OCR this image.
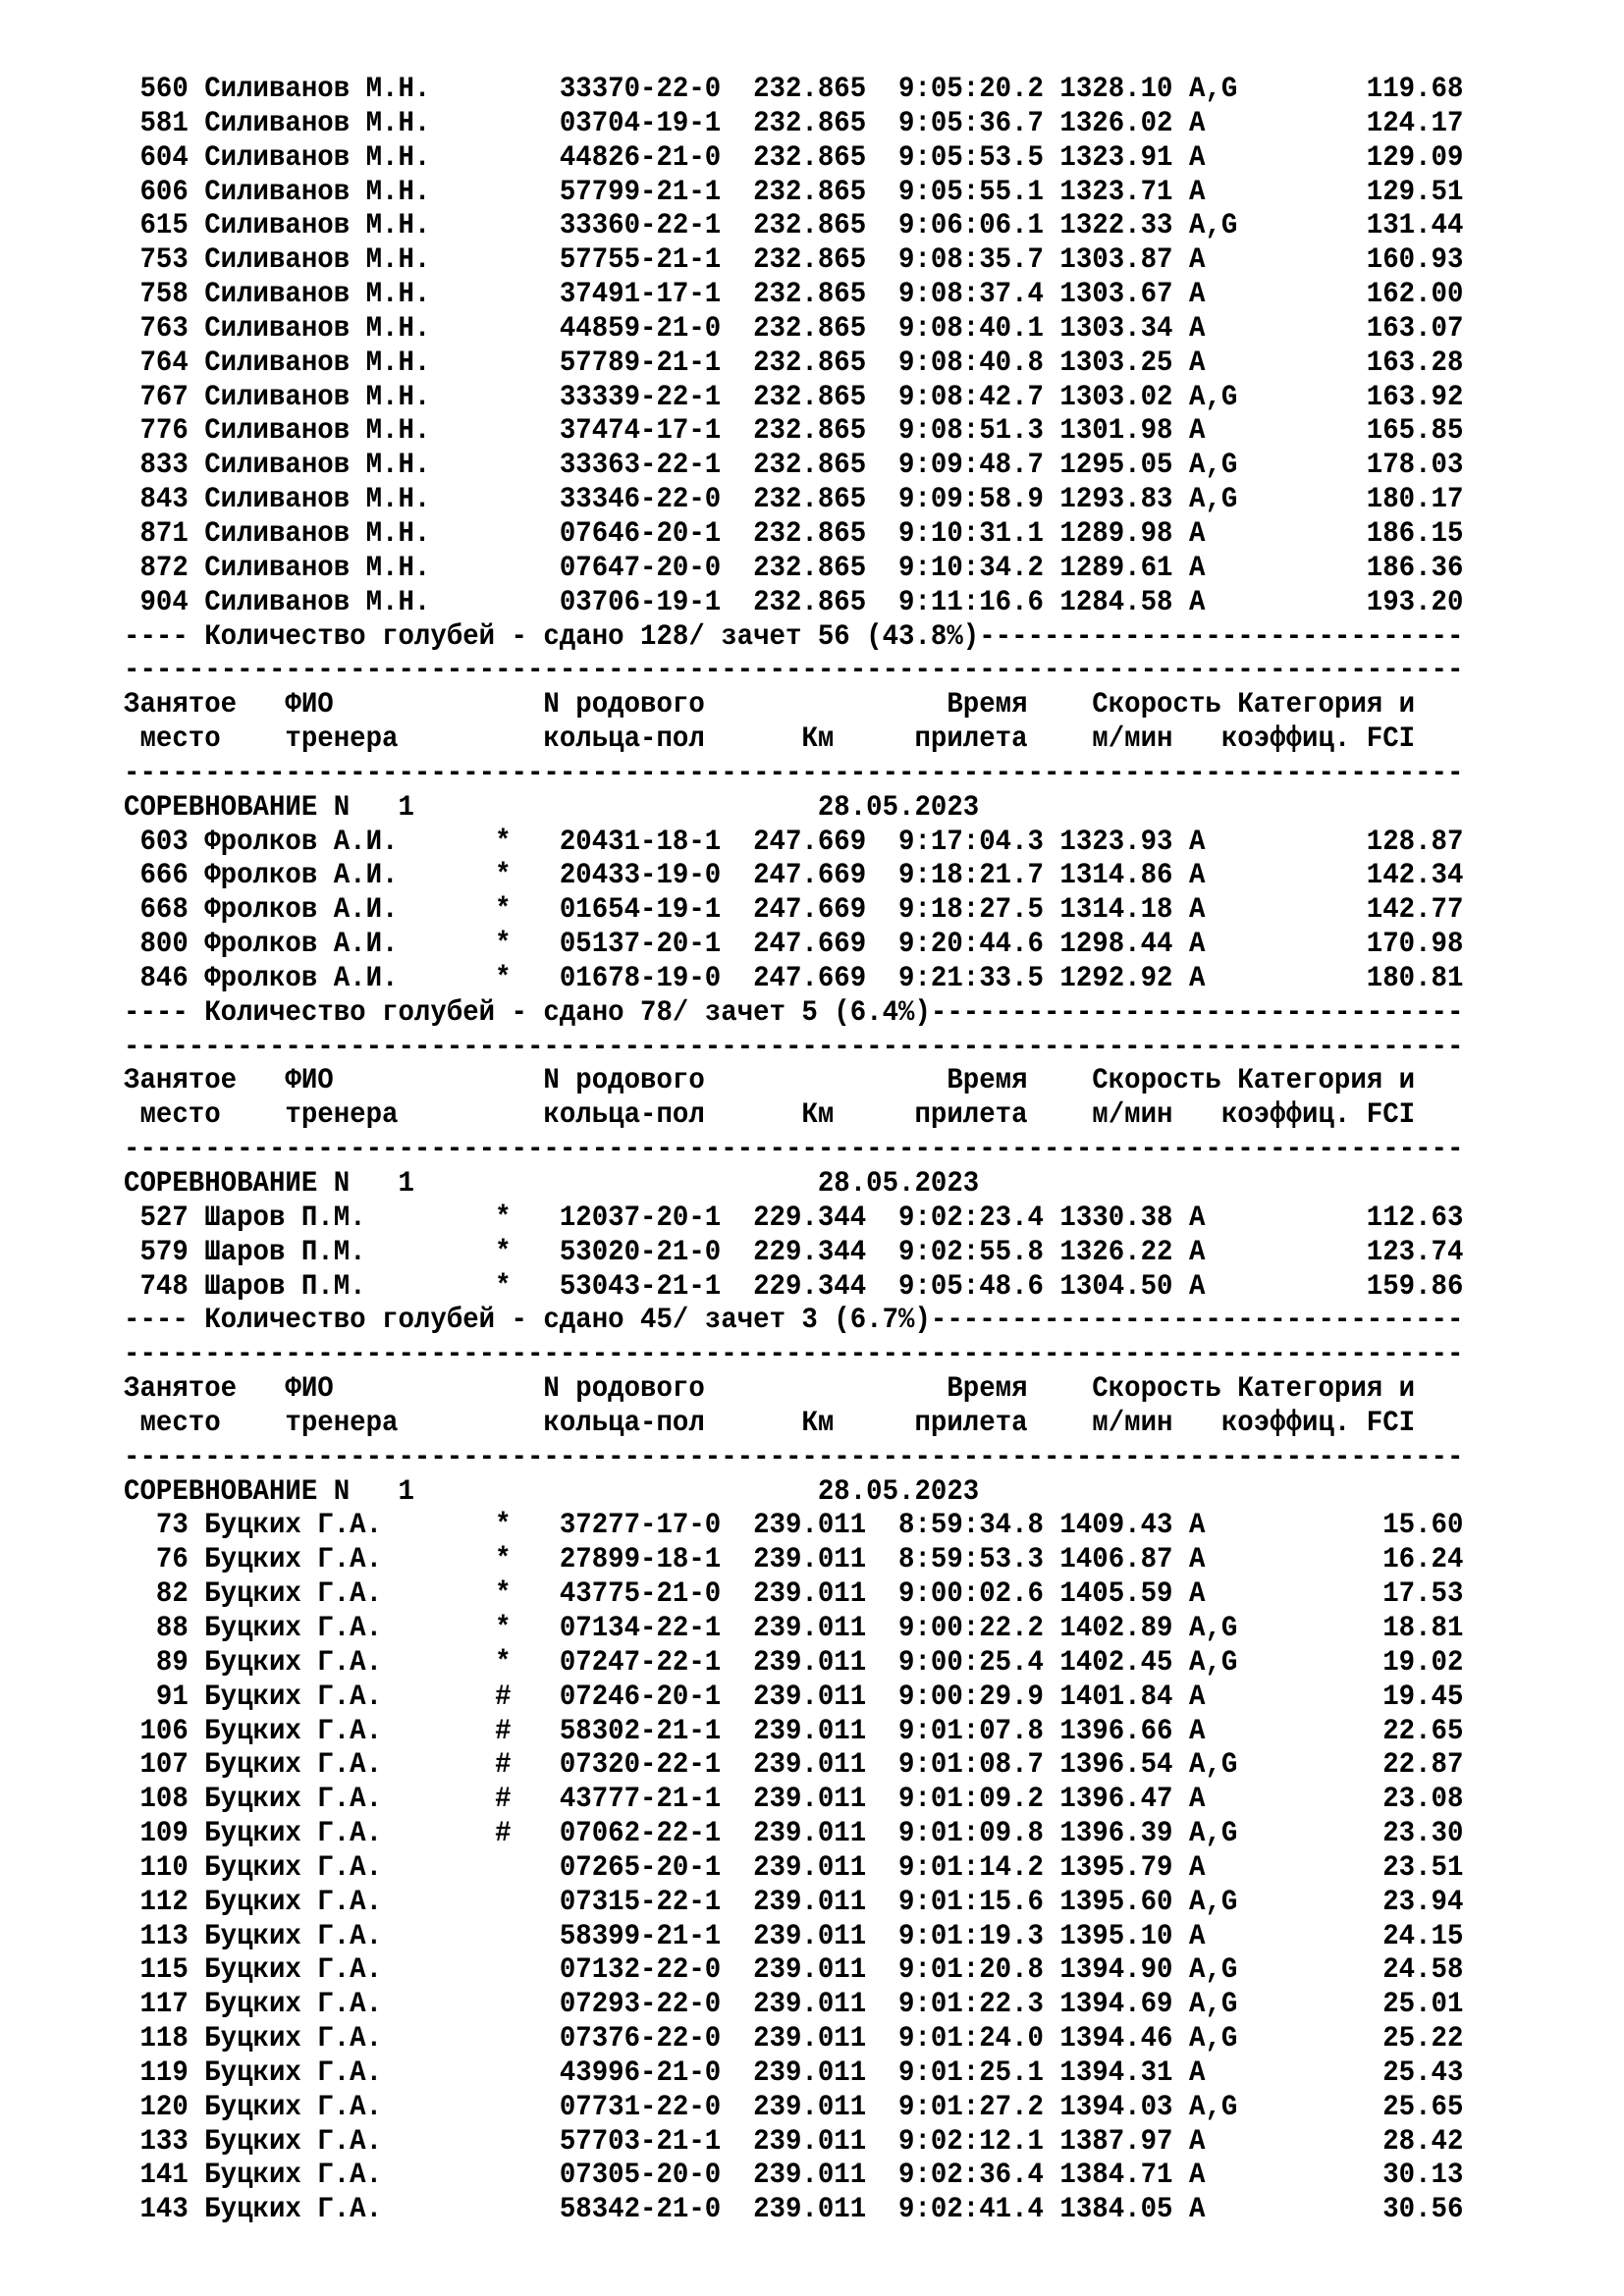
560 Силиванов М.Н.        33370-22-0  232.865  9:05:20.2 1328.10 A,G        119.68
581 Силиванов М.Н.        03704-19-1  232.865  9:05:36.7 1326.02 A          124.17
604 Силиванов М.Н.        44826-21-0  232.865  9:05:53.5 1323.91 A          129.09
606 Силиванов М.Н.        57799-21-1  232.865  9:05:55.1 1323.71 A          129.51
615 Силиванов М.Н.        33360-22-1  232.865  9:06:06.1 1322.33 A,G        131.44
753 Силиванов М.Н.        57755-21-1  232.865  9:08:35.7 1303.87 A          160.93
758 Силиванов М.Н.        37491-17-1  232.865  9:08:37.4 1303.67 A          162.00
763 Силиванов М.Н.        44859-21-0  232.865  9:08:40.1 1303.34 A          163.07
764 Силиванов М.Н.        57789-21-1  232.865  9:08:40.8 1303.25 A          163.28
767 Силиванов М.Н.        33339-22-1  232.865  9:08:42.7 1303.02 A,G        163.92
776 Силиванов М.Н.        37474-17-1  232.865  9:08:51.3 1301.98 A          165.85
833 Силиванов М.Н.        33363-22-1  232.865  9:09:48.7 1295.05 A,G        178.03
843 Силиванов М.Н.        33346-22-0  232.865  9:09:58.9 1293.83 A,G        180.17
871 Силиванов М.Н.        07646-20-1  232.865  9:10:31.1 1289.98 A          186.15
872 Силиванов М.Н.        07647-20-0  232.865  9:10:34.2 1289.61 A          186.36
904 Силиванов М.Н.        03706-19-1  232.865  9:11:16.6 1284.58 A          193.20
---- Количество голубей - сдано 128/ зачет 56 (43.8%)------------------------------
-----------------------------------------------------------------------------------
Занятое   ФИО             N родового               Время    Скорость Категория и
место    тренера         кольца-пол      Км     прилета    м/мин   коэффиц. FCI
-----------------------------------------------------------------------------------
СОРЕВНОВАНИЕ N   1                         28.05.2023
603 Фролков А.И.      *   20431-18-1  247.669  9:17:04.3 1323.93 A          128.87
666 Фролков А.И.      *   20433-19-0  247.669  9:18:21.7 1314.86 A          142.34
668 Фролков А.И.      *   01654-19-1  247.669  9:18:27.5 1314.18 A          142.77
800 Фролков А.И.      *   05137-20-1  247.669  9:20:44.6 1298.44 A          170.98
846 Фролков А.И.      *   01678-19-0  247.669  9:21:33.5 1292.92 A          180.81
---- Количество голубей - сдано 78/ зачет 5 (6.4%)---------------------------------
-----------------------------------------------------------------------------------
Занятое   ФИО             N родового               Время    Скорость Категория и
место    тренера         кольца-пол      Км     прилета    м/мин   коэффиц. FCI
-----------------------------------------------------------------------------------
СОРЕВНОВАНИЕ N   1                         28.05.2023
527 Шаров П.М.        *   12037-20-1  229.344  9:02:23.4 1330.38 A          112.63
579 Шаров П.М.        *   53020-21-0  229.344  9:02:55.8 1326.22 A          123.74
748 Шаров П.М.        *   53043-21-1  229.344  9:05:48.6 1304.50 A          159.86
---- Количество голубей - сдано 45/ зачет 3 (6.7%)---------------------------------
-----------------------------------------------------------------------------------
Занятое   ФИО             N родового               Время    Скорость Категория и
место    тренера         кольца-пол      Км     прилета    м/мин   коэффиц. FCI
-----------------------------------------------------------------------------------
СОРЕВНОВАНИЕ N   1                         28.05.2023
73 Буцких Г.А.       *   37277-17-0  239.011  8:59:34.8 1409.43 A           15.60
76 Буцких Г.А.       *   27899-18-1  239.011  8:59:53.3 1406.87 A           16.24
82 Буцких Г.А.       *   43775-21-0  239.011  9:00:02.6 1405.59 A           17.53
88 Буцких Г.А.       *   07134-22-1  239.011  9:00:22.2 1402.89 A,G         18.81
89 Буцких Г.А.       *   07247-22-1  239.011  9:00:25.4 1402.45 A,G         19.02
91 Буцких Г.А.       #   07246-20-1  239.011  9:00:29.9 1401.84 A           19.45
106 Буцких Г.А.       #   58302-21-1  239.011  9:01:07.8 1396.66 A           22.65
107 Буцких Г.А.       #   07320-22-1  239.011  9:01:08.7 1396.54 A,G         22.87
108 Буцких Г.А.       #   43777-21-1  239.011  9:01:09.2 1396.47 A           23.08
109 Буцких Г.А.       #   07062-22-1  239.011  9:01:09.8 1396.39 A,G         23.30
110 Буцких Г.А.           07265-20-1  239.011  9:01:14.2 1395.79 A           23.51
112 Буцких Г.А.           07315-22-1  239.011  9:01:15.6 1395.60 A,G         23.94
113 Буцких Г.А.           58399-21-1  239.011  9:01:19.3 1395.10 A           24.15
115 Буцких Г.А.           07132-22-0  239.011  9:01:20.8 1394.90 A,G         24.58
117 Буцких Г.А.           07293-22-0  239.011  9:01:22.3 1394.69 A,G         25.01
118 Буцких Г.А.           07376-22-0  239.011  9:01:24.0 1394.46 A,G         25.22
119 Буцких Г.А.           43996-21-0  239.011  9:01:25.1 1394.31 A           25.43
120 Буцких Г.А.           07731-22-0  239.011  9:01:27.2 1394.03 A,G         25.65
133 Буцких Г.А.           57703-21-1  239.011  9:02:12.1 1387.97 A           28.42
141 Буцких Г.А.           07305-20-0  239.011  9:02:36.4 1384.71 A           30.13
143 Буцких Г.А.           58342-21-0  239.011  9:02:41.4 1384.05 A           30.56
